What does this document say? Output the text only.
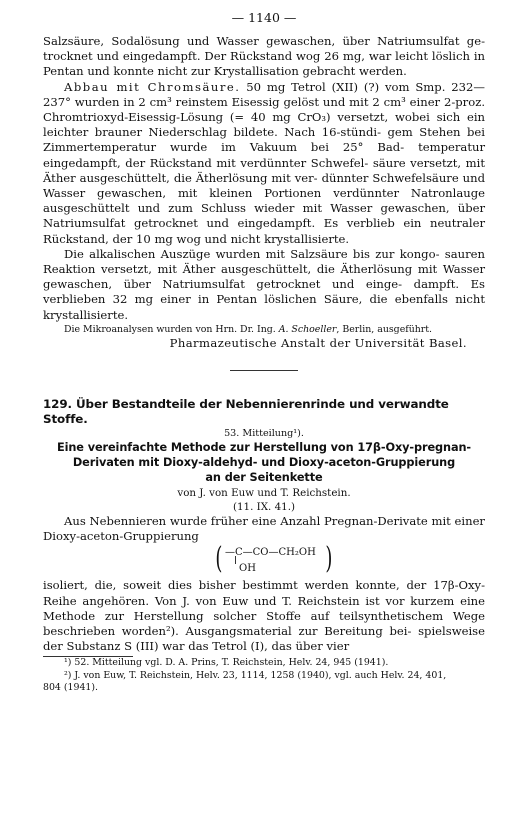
— 1140 —

Salzsäure, Sodalösung und Wasser gewaschen, über Natriumsulfat ge- trocknet und eingedampft. Der Rückstand wog 26 mg, war leicht löslich in Pentan und konnte nicht zur Krystallisation gebracht werden.

Abbau mit Chromsäure. 50 mg Tetrol (XII) (?) vom Smp. 232—237° wurden in 2 cm³ reinstem Eisessig gelöst und mit 2 cm³ einer 2-proz. Chromtrioxyd-Eisessig-Lösung (= 40 mg CrO₃) versetzt, wobei sich ein leichter brauner Niederschlag bildete. Nach 16-stündi- gem Stehen bei Zimmertemperatur wurde im Vakuum bei 25° Bad- temperatur eingedampft, der Rückstand mit verdünnter Schwefel- säure versetzt, mit Äther ausgeschüttelt, die Ätherlösung mit ver- dünnter Schwefelsäure und Wasser gewaschen, mit kleinen Portionen verdünnter Natronlauge ausgeschüttelt und zum Schluss wieder mit Wasser gewaschen, über Natriumsulfat getrocknet und eingedampft. Es verblieb ein neutraler Rückstand, der 10 mg wog und nicht krystallisierte.

Die alkalischen Auszüge wurden mit Salzsäure bis zur kongo- sauren Reaktion versetzt, mit Äther ausgeschüttelt, die Ätherlösung mit Wasser gewaschen, über Natriumsulfat getrocknet und einge- dampft. Es verblieben 32 mg einer in Pentan löslichen Säure, die ebenfalls nicht krystallisierte.

Die Mikroanalysen wurden von Hrn. Dr. Ing. A. Schoeller, Berlin, ausgeführt.

Pharmazeutische Anstalt der Universität Basel.

129. Über Bestandteile der Nebennierenrinde und verwandte Stoffe.
53. Mitteilung¹).
Eine vereinfachte Methode zur Herstellung von 17β-Oxy-pregnan-
Derivaten mit Dioxy-aldehyd- und Dioxy-aceton-Gruppierung
an der Seitenkette
von J. von Euw und T. Reichstein.
(11. IX. 41.)

Aus Nebennieren wurde früher eine Anzahl Pregnan-Derivate mit einer Dioxy-aceton-Gruppierung

( —C—CO—CH₂OH
OH )

isoliert, die, soweit dies bisher bestimmt werden konnte, der 17β-Oxy- Reihe angehören. Von J. von Euw und T. Reichstein ist vor kurzem eine Methode zur Herstellung solcher Stoffe auf teilsynthetischem Wege beschrieben worden²). Ausgangsmaterial zur Bereitung bei- spielsweise der Substanz S (III) war das Tetrol (I), das über vier

¹) 52. Mitteilung vgl. D. A. Prins, T. Reichstein, Helv. 24, 945 (1941).
²) J. von Euw, T. Reichstein, Helv. 23, 1114, 1258 (1940), vgl. auch Helv. 24, 401,
804 (1941).
